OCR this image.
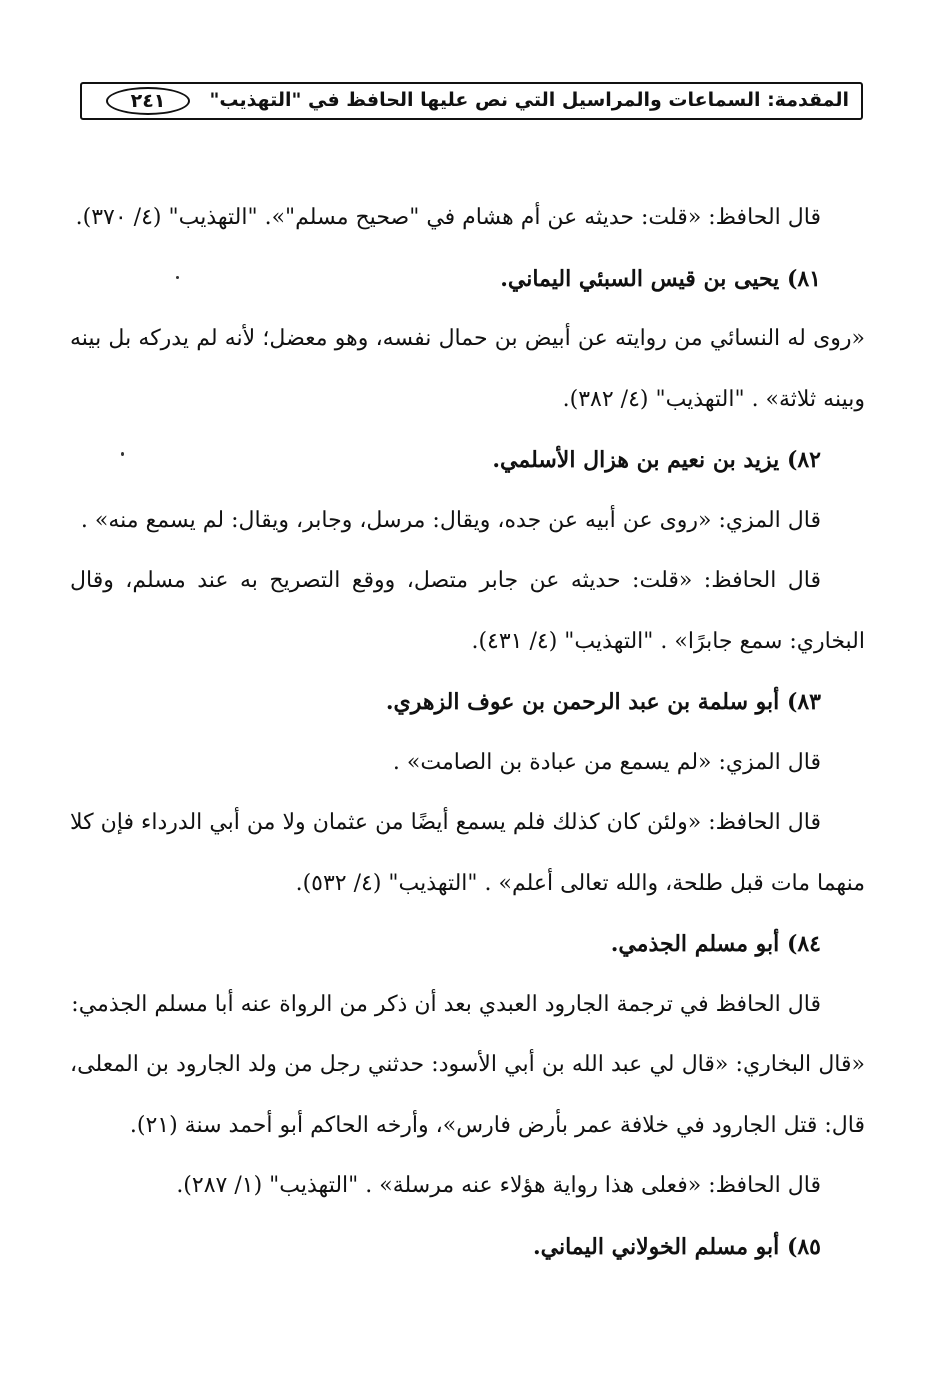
المقدمة: السماعات والمراسيل التي نص عليها الحافظ في "التهذيب"
٢٤١

قال الحافظ: «قلت: حديثه عن أم هشام في "صحيح مسلم"». "التهذيب" (٤/ ٣٧٠).

٨١) يحيى بن قيس السبئي اليماني.

«روى له النسائي من روايته عن أبيض بن حمال نفسه، وهو معضل؛ لأنه لم يدركه بل بينه وبينه ثلاثة» . "التهذيب" (٤/ ٣٨٢).

٨٢) يزيد بن نعيم بن هزال الأسلمي.

قال المزي: «روى عن أبيه عن جده، ويقال: مرسل، وجابر، ويقال: لم يسمع منه» .

قال الحافظ: «قلت: حديثه عن جابر متصل، ووقع التصريح به عند مسلم، وقال البخاري: سمع جابرًا» . "التهذيب" (٤/ ٤٣١).

٨٣) أبو سلمة بن عبد الرحمن بن عوف الزهري.

قال المزي: «لم يسمع من عبادة بن الصامت» .

قال الحافظ: «ولئن كان كذلك فلم يسمع أيضًا من عثمان ولا من أبي الدرداء فإن كلا منهما مات قبل طلحة، والله تعالى أعلم» . "التهذيب" (٤/ ٥٣٢).

٨٤) أبو مسلم الجذمي.

قال الحافظ في ترجمة الجارود العبدي بعد أن ذكر من الرواة عنه أبا مسلم الجذمي:

«قال البخاري: «قال لي عبد الله بن أبي الأسود: حدثني رجل من ولد الجارود بن المعلى، قال: قتل الجارود في خلافة عمر بأرض فارس»، وأرخه الحاكم أبو أحمد سنة (٢١).

قال الحافظ: «فعلى هذا رواية هؤلاء عنه مرسلة» . "التهذيب" (١/ ٢٨٧).

٨٥) أبو مسلم الخولاني اليماني.
